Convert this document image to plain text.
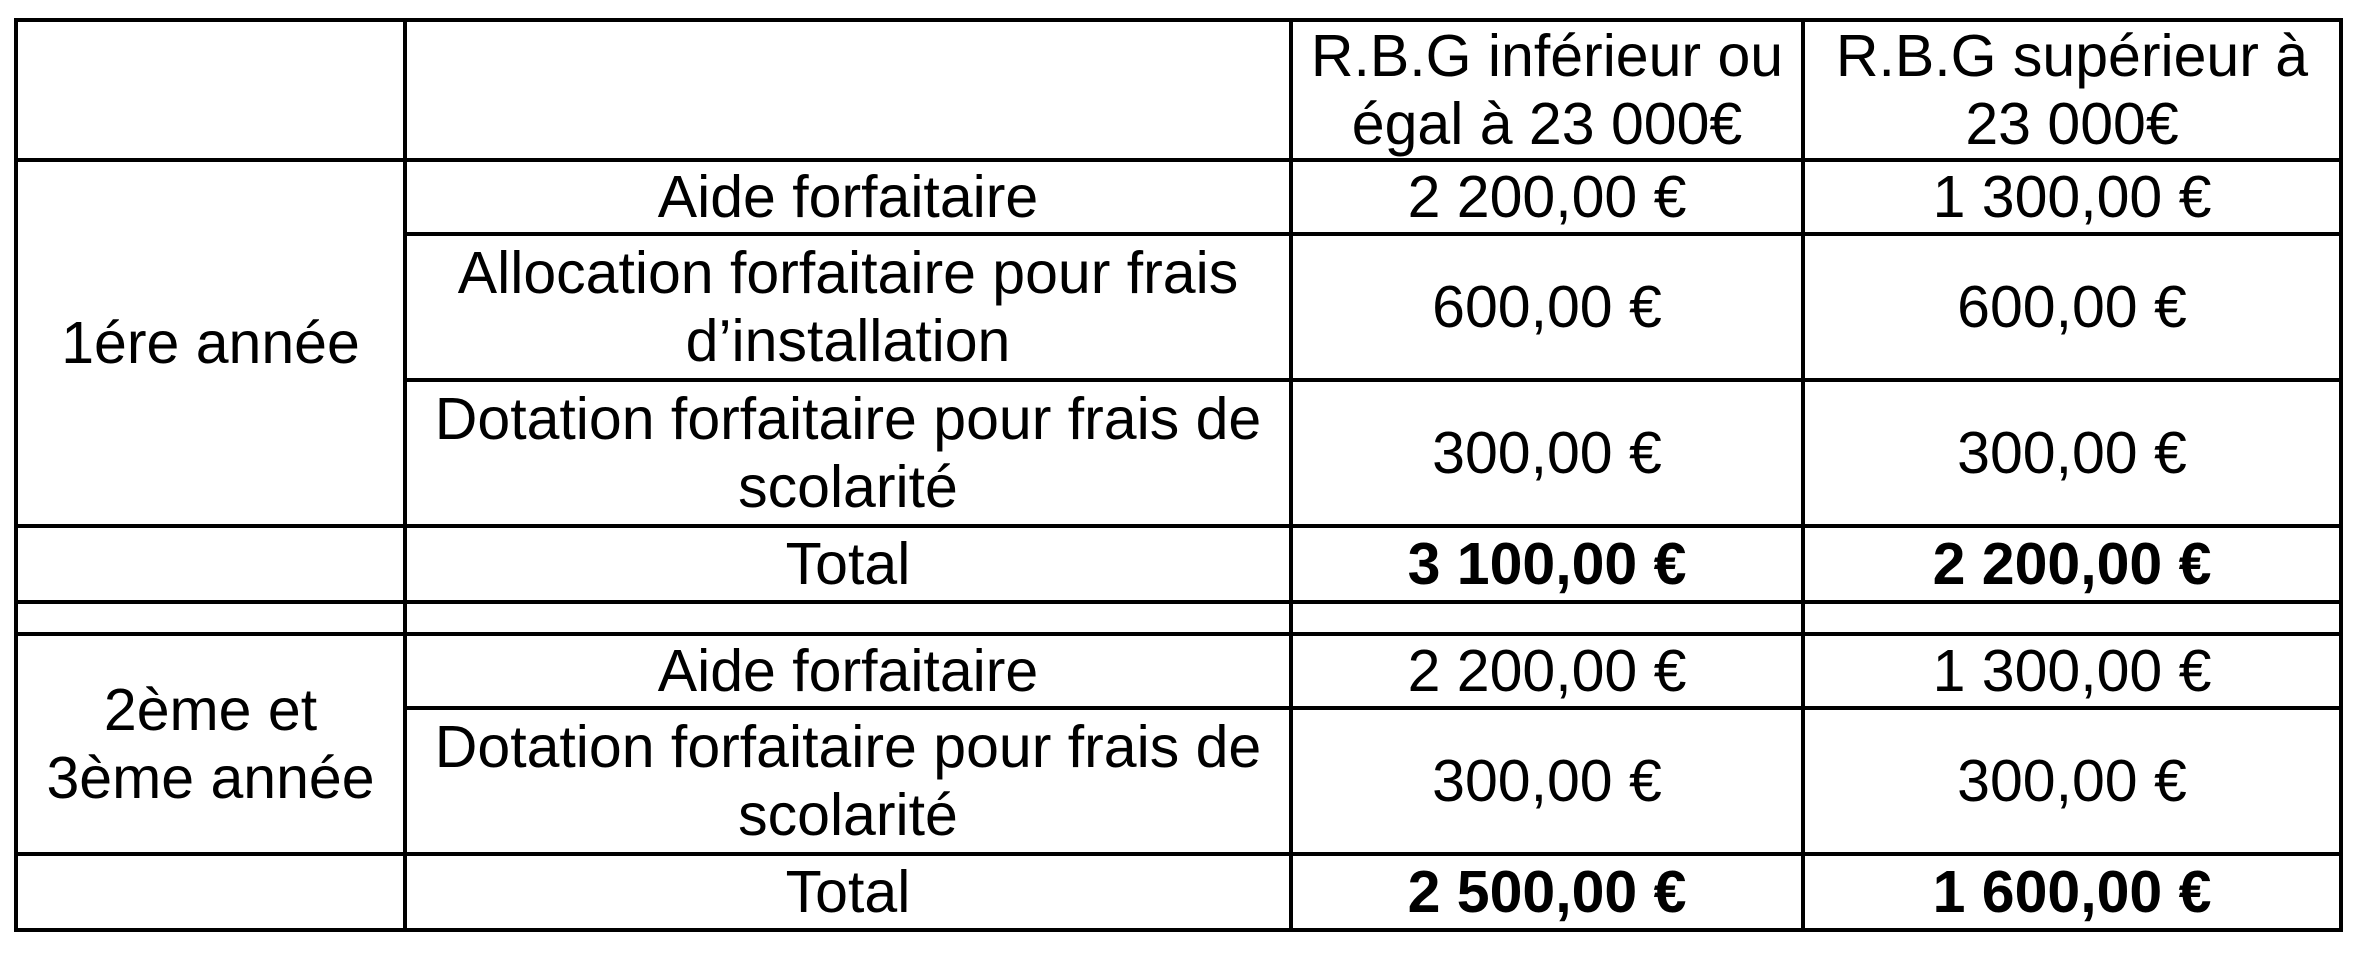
		R.B.G inférieur ou égal à 23 000€	R.B.G supérieur à 23 000€
1ére année	Aide forfaitaire	2 200,00 €	1 300,00 €
	Allocation forfaitaire pour frais d’installation	600,00 €	600,00 €
	Dotation forfaitaire pour frais de scolarité	300,00 €	300,00 €
	Total	3 100,00 €	2 200,00 €

2ème et 3ème année	Aide forfaitaire	2 200,00 €	1 300,00 €
	Dotation forfaitaire pour frais de scolarité	300,00 €	300,00 €
	Total	2 500,00 €	1 600,00 €
